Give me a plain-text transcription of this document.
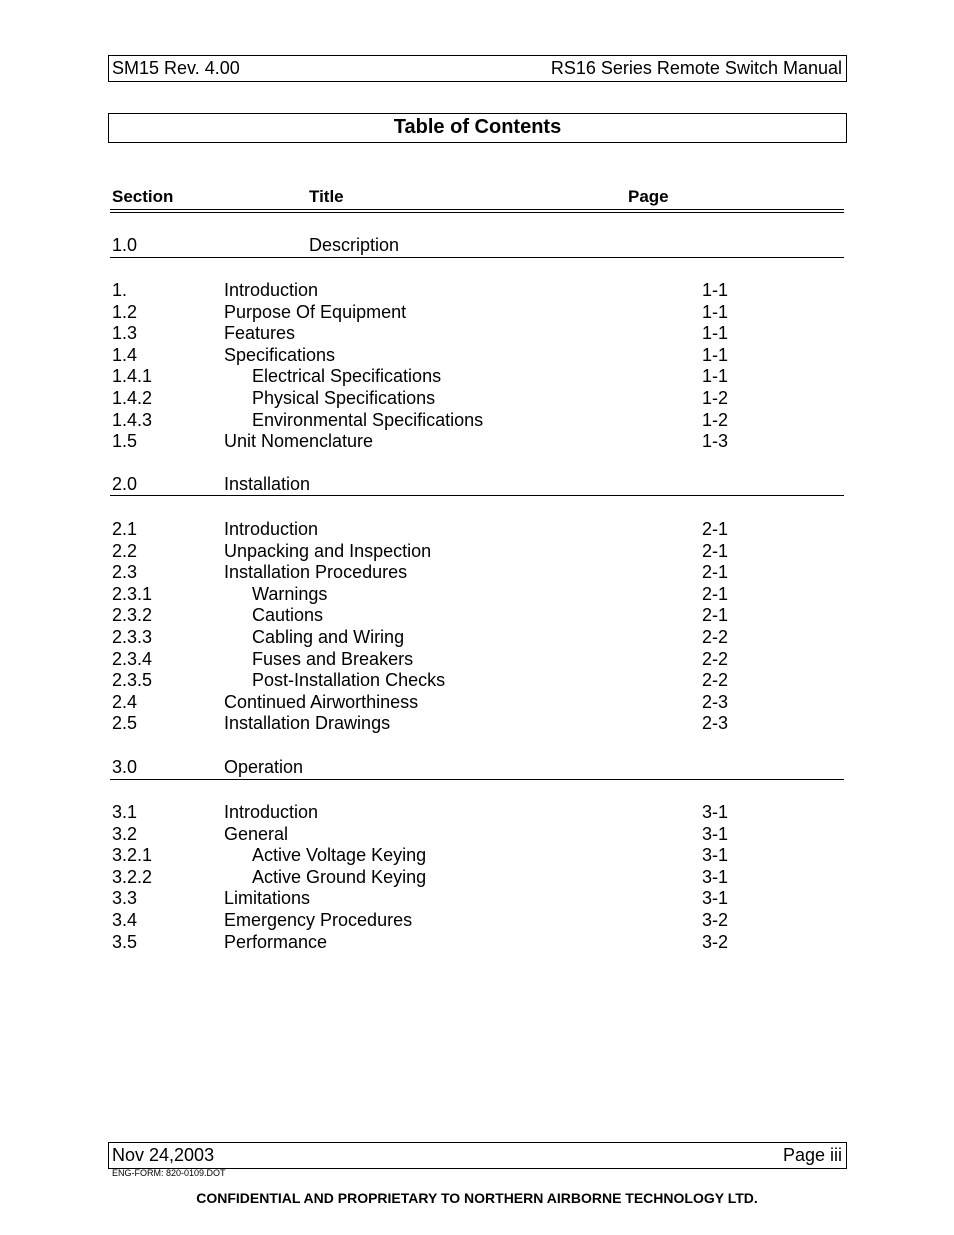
SM15 Rev. 4.00	RS16 Series Remote Switch Manual
Table of Contents
Section	Title	Page
1.0	Description
1.	Introduction	1-1
1.2	Purpose Of Equipment	1-1
1.3	Features	1-1
1.4	Specifications	1-1
1.4.1	Electrical Specifications	1-1
1.4.2	Physical Specifications	1-2
1.4.3	Environmental Specifications	1-2
1.5	Unit Nomenclature	1-3
2.0	Installation
2.1	Introduction	2-1
2.2	Unpacking and Inspection	2-1
2.3	Installation Procedures	2-1
2.3.1	Warnings	2-1
2.3.2	Cautions	2-1
2.3.3	Cabling and Wiring	2-2
2.3.4	Fuses and Breakers	2-2
2.3.5	Post-Installation Checks	2-2
2.4	Continued Airworthiness	2-3
2.5	Installation Drawings	2-3
3.0	Operation
3.1	Introduction	3-1
3.2	General	3-1
3.2.1	Active Voltage Keying	3-1
3.2.2	Active Ground Keying	3-1
3.3	Limitations	3-1
3.4	Emergency Procedures	3-2
3.5	Performance	3-2
Nov 24,2003	Page iii
ENG-FORM: 820-0109.DOT
CONFIDENTIAL AND PROPRIETARY TO NORTHERN AIRBORNE TECHNOLOGY LTD.
